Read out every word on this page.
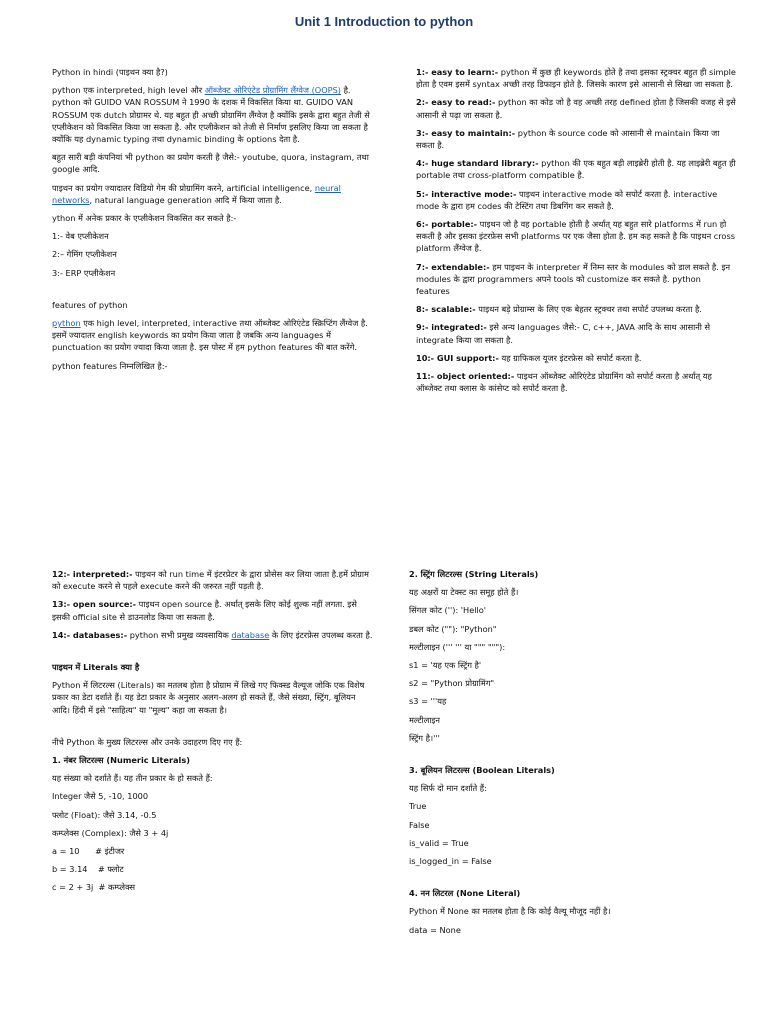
Unit 1 Introduction to python

Python in hindi (पाइथन क्या है?)

python एक interpreted, high level और ऑब्जेक्ट ओरिएंटेड प्रोग्रामिंग लैंग्वेज (OOPS) है. python को GUIDO VAN ROSSUM ने 1990 के दशक में विकसित किया था. GUIDO VAN ROSSUM एक dutch प्रोग्रामर थे. यह बहुत ही अच्छी प्रोग्रामिंग लैंग्वेज है क्योंकि इसके द्वारा बहुत तेजी से एप्लीकेशन को विकसित किया जा सकता है. और एप्लीकेशन को तेजी से निर्माण इसलिए किया जा सकता है क्योंकि यह dynamic typing तथा dynamic binding के options देता है.

बहुत सारी बड़ी कंपनियां भी python का प्रयोग करती है जैसे:- youtube, quora, instagram, तथा google आदि.

पाइथन का प्रयोग ज्यादातर विडियो गेम की प्रोग्रामिंग करने, artificial intelligence, neural networks, natural language generation आदि में किया जाता है.

ython में अनेक प्रकार के एप्लीकेशन विकसित कर सकते है:-

1:- वेब एप्लीकेशन

2:– गेमिंग एप्लीकेशन

3:- ERP एप्लीकेशन

features of python

python एक high level, interpreted, interactive तथा ऑब्जेक्ट ओरिएंटेड स्क्रिप्टिंग लैंग्वेज है. इसमें ज्यादातर english keywords का प्रयोग किया जाता है जबकि अन्य languages में punctuation का प्रयोग ज्यादा किया जाता है. इस पोस्ट में हम python features की बात करेंगे.

python features निम्नलिखित है:-

1:- easy to learn:- python में कुछ ही keywords होते है तथा इसका स्ट्रक्चर बहुत ही simple होता है एवम इसमें syntax अच्छी तरह डिफाइन होते है. जिसके कारण इसे आसानी से सिखा जा सकता है.

2:- easy to read:- python का कोड जो है वह अच्छी तरह defined होता है जिसकी वजह से इसे आसानी से पढ़ा जा सकता है.

3:- easy to maintain:- python के source code को आसानी से maintain किया जा सकता है.

4:- huge standard library:- python की एक बहुत बड़ी लाइब्रेरी होती है. यह लाइब्रेरी बहुत ही portable तथा cross-platform compatible है.

5:- interactive mode:- पाइथन interactive mode को सपोर्ट करता है. interactive mode के द्वारा हम codes की टेस्टिंग तथा डिबगिंग कर सकते है.

6:- portable:- पाइथन जो है वह portable होती है अर्थात् यह बहुत सारे platforms में run हो सकती है और इसका इंटरफ़ेस सभी platforms पर एक जैसा होता है. हम कह सकते है कि पाइथन cross platform लैंग्वेज है.

7:- extendable:- हम पाइथन के interpreter में निम्न स्तर के modules को डाल सकते है. इन modules के द्वारा programmers अपने tools को customize कर सकते है. python features

8:- scalable:- पाइथन बड़े प्रोग्राम्स के लिए एक बेहतर स्ट्रक्चर तथा सपोर्ट उपलब्ध करता है.

9:- integrated:- इसे अन्य languages जैसे:- C, c++, JAVA आदि के साथ आसानी से integrate किया जा सकता है.

10:- GUI support:- यह ग्राफिकल यूजर इंटरफ़ेस को सपोर्ट करता है.

11:- object oriented:- पाइथन ऑब्जेक्ट ओरिएंटेड प्रोग्रामिंग को सपोर्ट करता है अर्थात् यह ऑब्जेक्ट तथा क्लास के कांसेप्ट को सपोर्ट करता है.

12:- interpreted:- पाइथन को run time में इंटरप्रेटर के द्वारा प्रोसेस कर लिया जाता है.हमें प्रोग्राम को execute करने से पहले execute करने की जरुरत नहीं पड़ती है.

13:- open source:- पाइथन open source है. अर्थात् इसके लिए कोई शुल्क नहीं लगता. इसे इसकी official site से डाउनलोड किया जा सकता है.

14:- databases:- python सभी प्रमुख व्यवसायिक database के लिए इंटरफ़ेस उपलब्ध करता है.

पाइथन में Literals क्या है

Python में लिटरल्स (Literals) का मतलब होता है प्रोग्राम में लिखे गए फिक्स्ड वैल्यूज जोकि एक विशेष प्रकार का डेटा दर्शाते हैं। यह डेटा प्रकार के अनुसार अलग-अलग हो सकते हैं, जैसे संख्या, स्ट्रिंग, बूलियन आदि। हिंदी में इसे "साहित्य" या "मूल्य" कहा जा सकता है।

नीचे Python के मुख्य लिटरल्स और उनके उदाहरण दिए गए हैं:

1. नंबर लिटरल्स (Numeric Literals)

यह संख्या को दर्शाते हैं। यह तीन प्रकार के हो सकते हैं:

Integer जैसे 5, -10, 1000

फ्लोट (Float): जैसे 3.14, -0.5

कम्प्लेक्स (Complex): जैसे 3 + 4j

a = 10      # इंटीजर

b = 3.14    # फ्लोट

c = 2 + 3j  # कम्प्लेक्स

2. स्ट्रिंग लिटरल्स (String Literals)

यह अक्षरों या टेक्स्ट का समूह होते हैं।

सिंगल कोट (''): 'Hello'

डबल कोट (""): "Python"

मल्टीलाइन (''' ''' या """ """):

s1 = 'यह एक स्ट्रिंग है'

s2 = "Python प्रोग्रामिंग"

s3 = '''यह

मल्टीलाइन

स्ट्रिंग है।'''

3. बूलियन लिटरल्स (Boolean Literals)

यह सिर्फ दो मान दर्शाते हैं:

True

False

is_valid = True

is_logged_in = False

4. नन लिटरल (None Literal)

Python में None का मतलब होता है कि कोई वैल्यू मौजूद नहीं है।

data = None
